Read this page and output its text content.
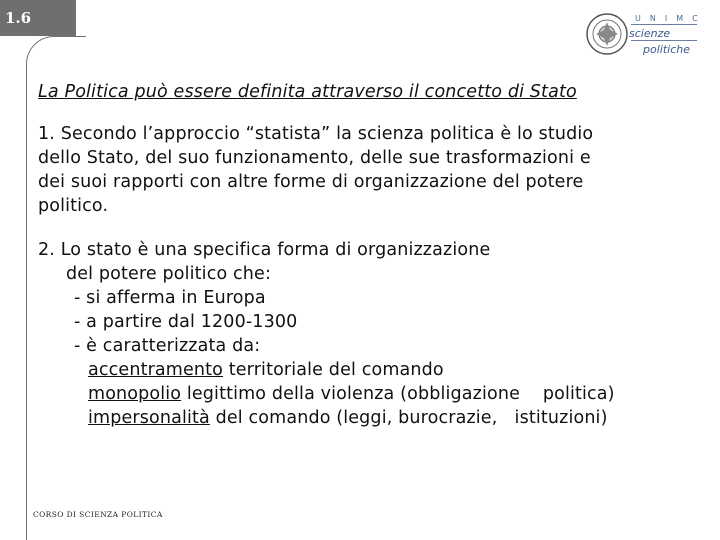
1.6	UNIMC
scienze
politiche
La Politica può essere definita attraverso il concetto di Stato
1. Secondo l’approccio “statista” la scienza politica è lo studio
dello Stato, del suo funzionamento, delle sue trasformazioni e
dei suoi rapporti con altre forme di organizzazione del potere
politico.
2. Lo stato è una specifica forma di organizzazione
del potere politico che:
- si afferma in Europa
- a partire dal 1200-1300
- è caratterizzata da:
accentramento territoriale del comando
monopolio legittimo della violenza (obbligazione    politica)
impersonalità del comando (leggi, burocrazie,   istituzioni)
CORSO DI SCIENZA POLITICA
